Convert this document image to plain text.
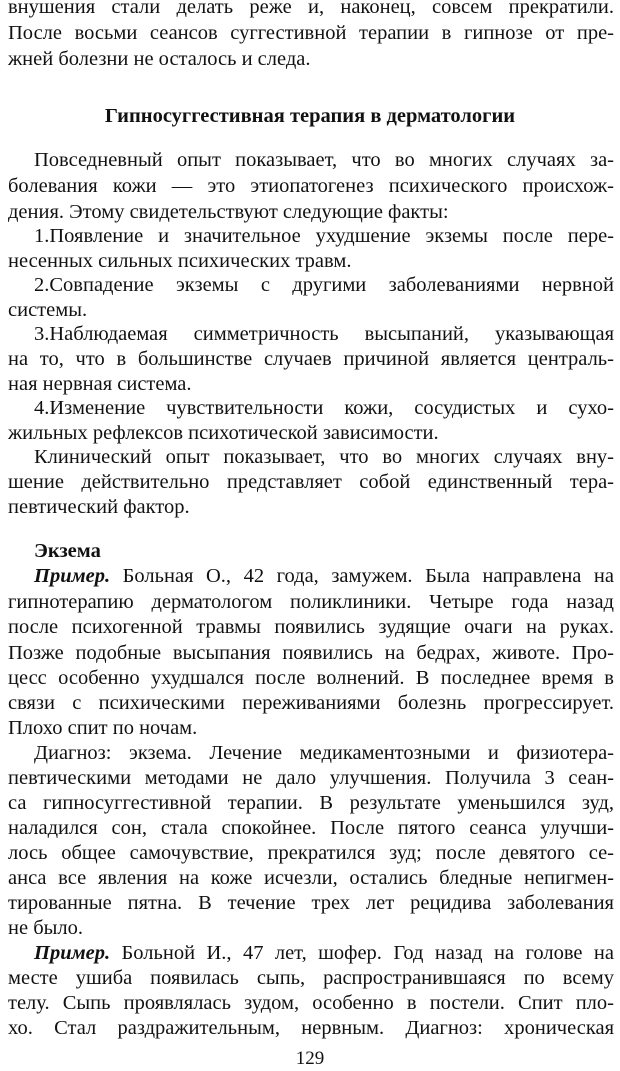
внушения стали делать реже и, наконец, совсем прекратили.
После восьми сеансов суггестивной терапии в гипнозе от пре-
жней болезни не осталось и следа.
Гипносуггестивная терапия в дерматологии
Повседневный опыт показывает, что во многих случаях за-
болевания кожи — это этиопатогенез психического происхож-
дения. Этому свидетельствуют следующие факты:
1.Появление и значительное ухудшение экземы после пере-
несенных сильных психических травм.
2.Совпадение экземы с другими заболеваниями нервной
системы.
3.Наблюдаемая симметричность высыпаний, указывающая
на то, что в большинстве случаев причиной является централь-
ная нервная система.
4.Изменение чувствительности кожи, сосудистых и сухо-
жильных рефлексов психотической зависимости.
Клинический опыт показывает, что во многих случаях вну-
шение действительно представляет собой единственный тера-
певтический фактор.
Экзема
Пример. Больная О., 42 года, замужем. Была направлена на
гипнотерапию дерматологом поликлиники. Четыре года назад
после психогенной травмы появились зудящие очаги на руках.
Позже подобные высыпания появились на бедрах, животе. Про-
цесс особенно ухудшался после волнений. В последнее время в
связи с психическими переживаниями болезнь прогрессирует.
Плохо спит по ночам.
Диагноз: экзема. Лечение медикаментозными и физиотера-
певтическими методами не дало улучшения. Получила 3 сеан-
са гипносуггестивной терапии. В результате уменьшился зуд,
наладился сон, стала спокойнее. После пятого сеанса улучши-
лось общее самочувствие, прекратился зуд; после девятого се-
анса все явления на коже исчезли, остались бледные непигмен-
тированные пятна. В течение трех лет рецидива заболевания
не было.
Пример. Больной И., 47 лет, шофер. Год назад на голове на
месте ушиба появилась сыпь, распространившаяся по всему
телу. Сыпь проявлялась зудом, особенно в постели. Спит пло-
хо. Стал раздражительным, нервным. Диагноз: хроническая
129
